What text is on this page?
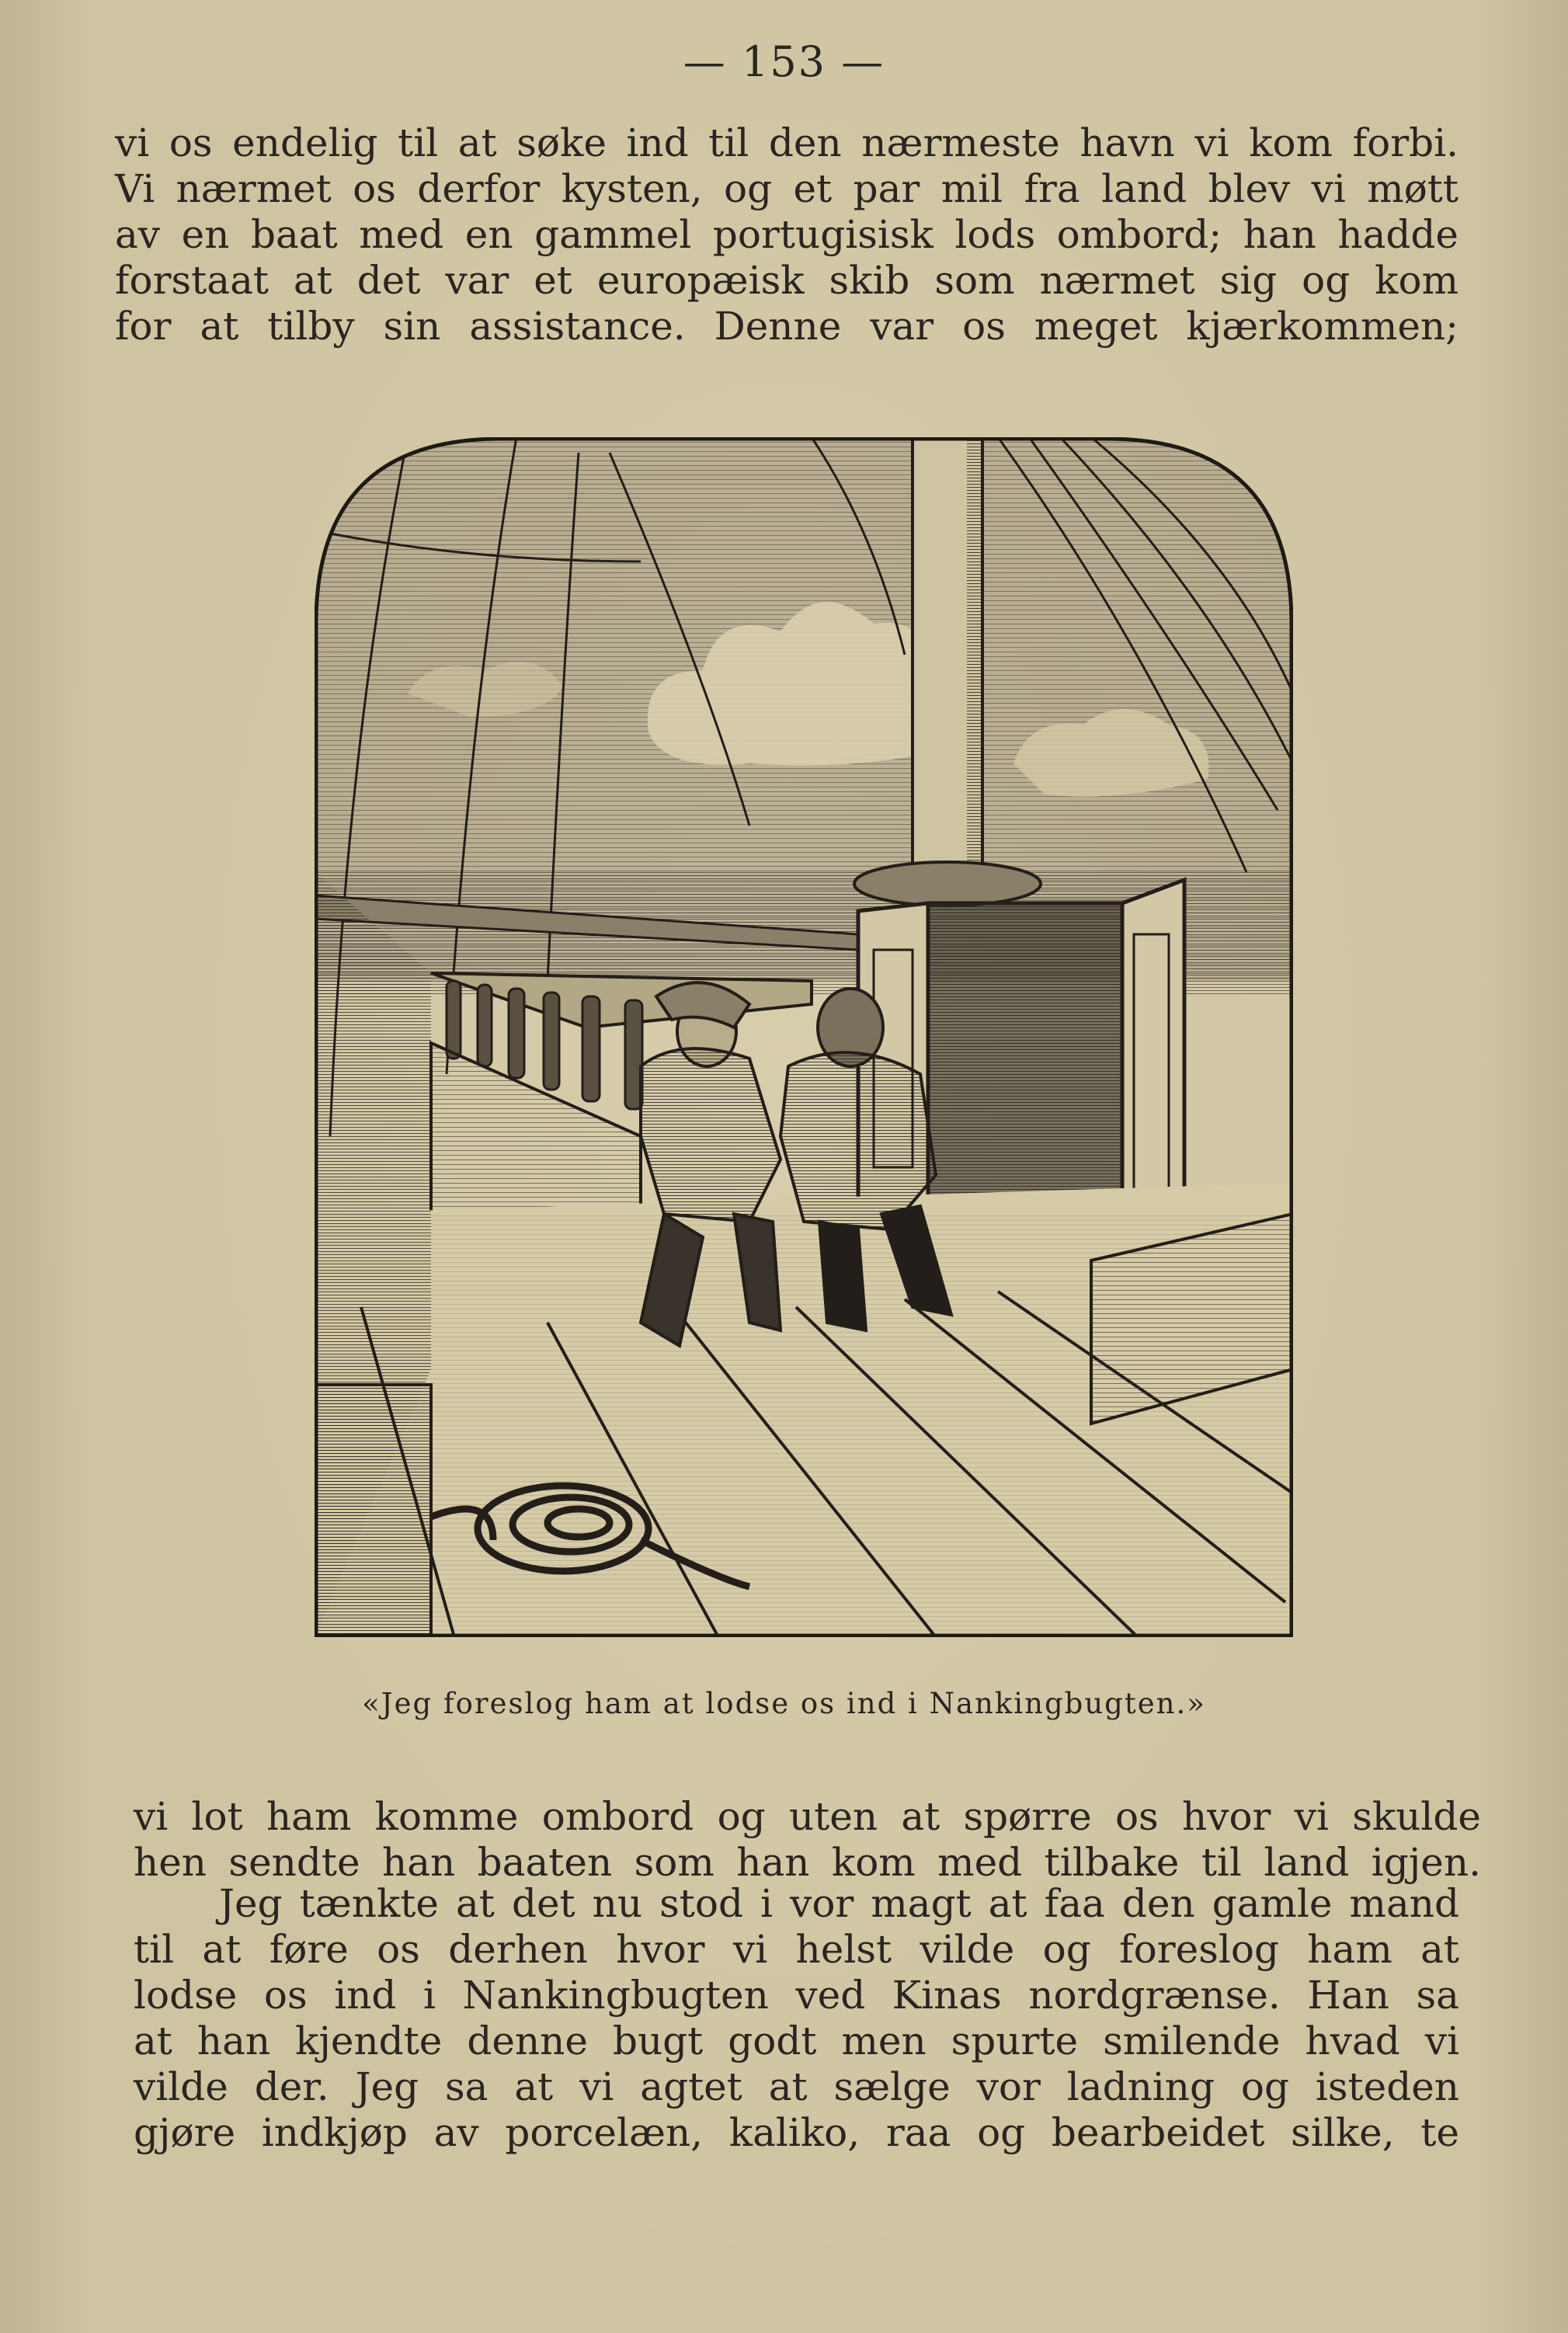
— 153 —
vi os endelig til at søke ind til den nærmeste havn vi kom forbi.
Vi nærmet os derfor kysten, og et par mil fra land blev vi møtt
av en baat med en gammel portugisisk lods ombord; han hadde
forstaat at det var et europæisk skib som nærmet sig og kom
for at tilby sin assistance. Denne var os meget kjærkommen;
«Jeg foreslog ham at lodse os ind i Nankingbugten.»
vi lot ham komme ombord og uten at spørre os hvor vi skulde
hen sendte han baaten som han kom med tilbake til land igjen.
Jeg tænkte at det nu stod i vor magt at faa den gamle mand
til at føre os derhen hvor vi helst vilde og foreslog ham at
lodse os ind i Nankingbugten ved Kinas nordgrænse. Han sa
at han kjendte denne bugt godt men spurte smilende hvad vi
vilde der. Jeg sa at vi agtet at sælge vor ladning og isteden
gjøre indkjøp av porcelæn, kaliko, raa og bearbeidet silke, te
